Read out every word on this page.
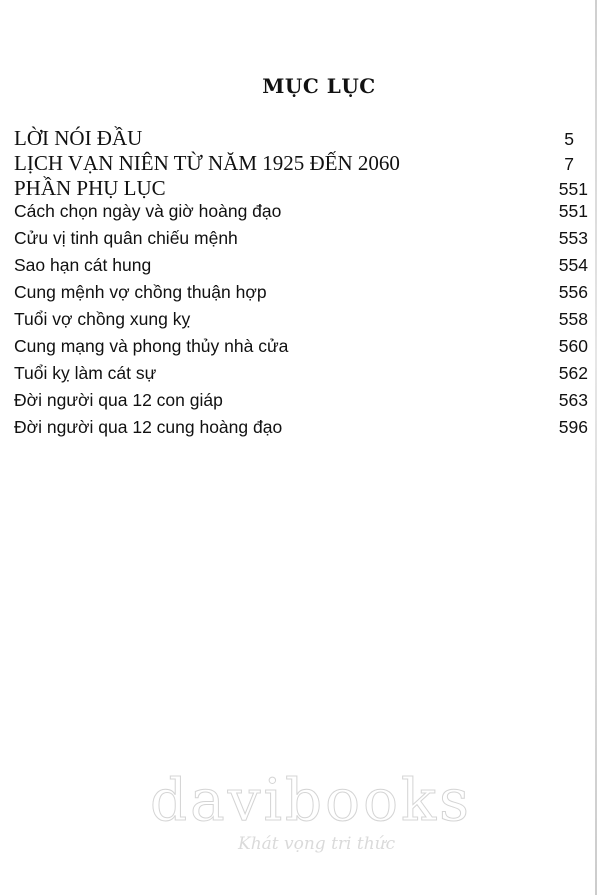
MỤC LỤC
LỜI NÓI ĐẦU	5
LỊCH VẠN NIÊN TỪ NĂM 1925 ĐẾN 2060	7
PHẦN PHỤ LỤC	551
Cách chọn ngày và giờ hoàng đạo	551
Cửu vị tinh quân chiếu mệnh	553
Sao hạn cát hung	554
Cung mệnh vợ chồng thuận hợp	556
Tuổi vợ chồng xung kỵ	558
Cung mạng và phong thủy nhà cửa	560
Tuổi kỵ làm cát sự	562
Đời người qua 12 con giáp	563
Đời người qua 12 cung hoàng đạo	596
davibooks
Khát vọng tri thức
